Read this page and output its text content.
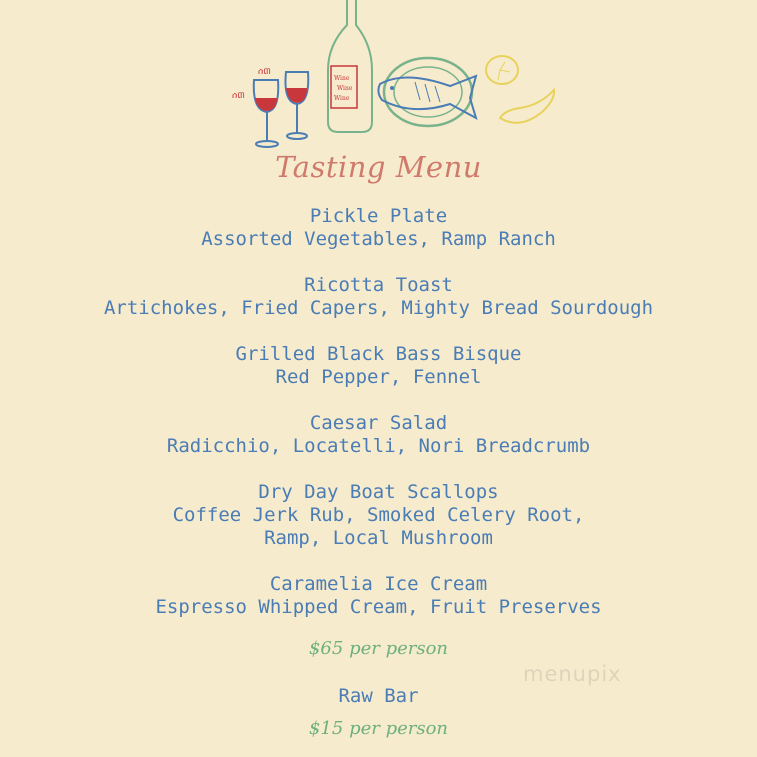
ሰ៣
ሰ៣
Wine
Wine
Wine
Tasting Menu
Pickle Plate
Assorted Vegetables, Ramp Ranch
Ricotta Toast
Artichokes, Fried Capers, Mighty Bread Sourdough
Grilled Black Bass Bisque
Red Pepper, Fennel
Caesar Salad
Radicchio, Locatelli, Nori Breadcrumb
Dry Day Boat Scallops
Coffee Jerk Rub, Smoked Celery Root,
Ramp, Local Mushroom
Caramelia Ice Cream
Espresso Whipped Cream, Fruit Preserves
$65 per person
Raw Bar
$15 per person
menupix
